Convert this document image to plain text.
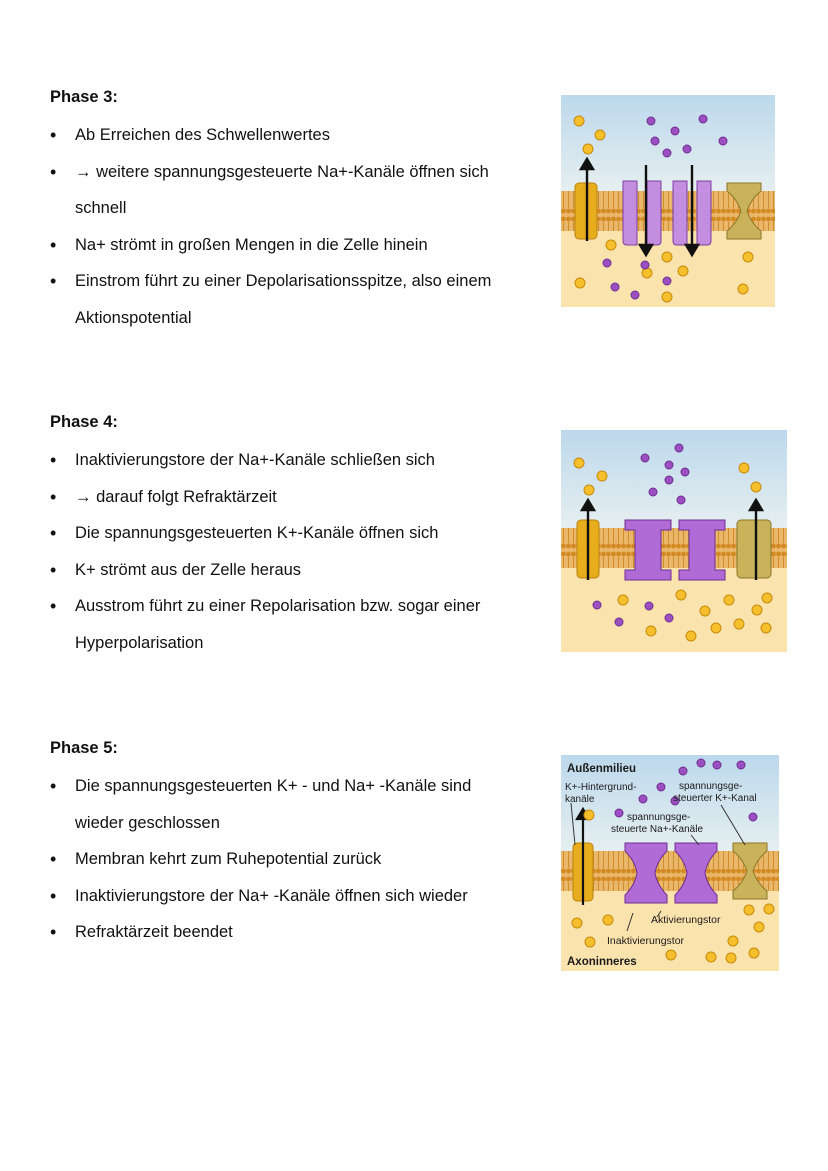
Phase 3:
• Ab Erreichen des Schwellenwertes
• → weitere spannungsgesteuerte Na+-Kanäle öffnen sich
schnell
• Na+ strömt in großen Mengen in die Zelle hinein
• Einstrom führt zu einer Depolarisationsspitze, also einem
Aktionspotential
Phase 4:
• Inaktivierungstore der Na+-Kanäle schließen sich
• → darauf folgt Refraktärzeit
• Die spannungsgesteuerten K+-Kanäle öffnen sich
• K+ strömt aus der Zelle heraus
• Ausstrom führt zu einer Repolarisation bzw. sogar einer
Hyperpolarisation
Phase 5:
• Die spannungsgesteuerten K+ - und Na+ -Kanäle sind
wieder geschlossen
• Membran kehrt zum Ruhepotential zurück
• Inaktivierungstore der Na+ -Kanäle öffnen sich wieder
• Refraktärzeit beendet
Außenmilieu
K+-Hintergrund-
kanäle
spannungsge-
steuerter K+-Kanal
spannungsge-
steuerte Na+-Kanäle
Aktivierungstor
Inaktivierungstor
Axoninneres
